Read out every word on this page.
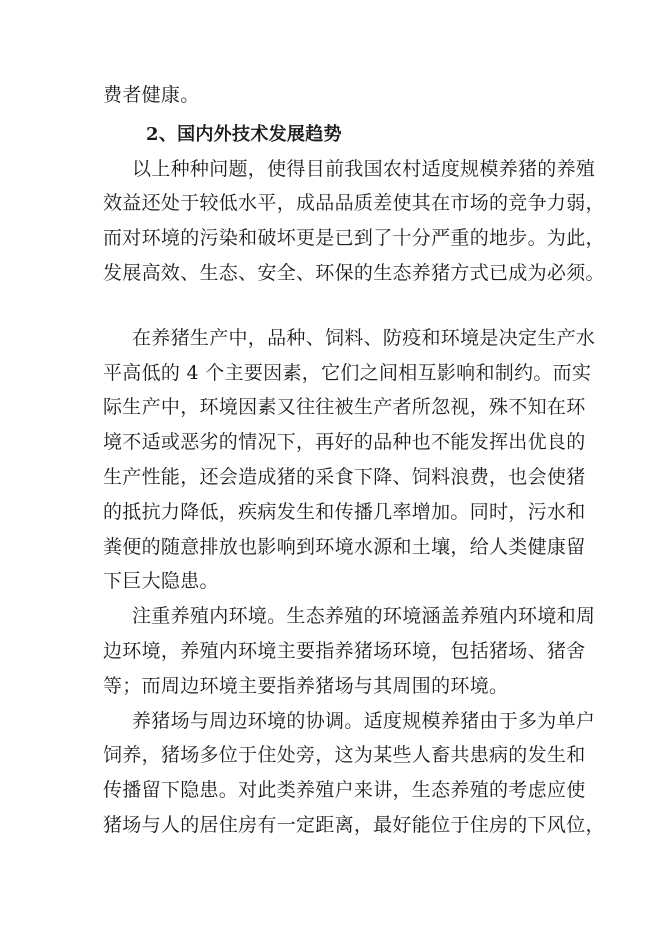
费者健康。
2、国内外技术发展趋势
以上种种问题，使得目前我国农村适度规模养猪的养殖
效益还处于较低水平，成品品质差使其在市场的竞争力弱，
而对环境的污染和破坏更是已到了十分严重的地步。为此，
发展高效、生态、安全、环保的生态养猪方式已成为必须。
在养猪生产中，品种、饲料、防疫和环境是决定生产水
平高低的 4 个主要因素，它们之间相互影响和制约。而实
际生产中，环境因素又往往被生产者所忽视，殊不知在环
境不适或恶劣的情况下，再好的品种也不能发挥出优良的
生产性能，还会造成猪的采食下降、饲料浪费，也会使猪
的抵抗力降低，疾病发生和传播几率增加。同时，污水和
粪便的随意排放也影响到环境水源和土壤，给人类健康留
下巨大隐患。
注重养殖内环境。生态养殖的环境涵盖养殖内环境和周
边环境，养殖内环境主要指养猪场环境，包括猪场、猪舍
等；而周边环境主要指养猪场与其周围的环境。
养猪场与周边环境的协调。适度规模养猪由于多为单户
饲养，猪场多位于住处旁，这为某些人畜共患病的发生和
传播留下隐患。对此类养殖户来讲，生态养殖的考虑应使
猪场与人的居住房有一定距离，最好能位于住房的下风位，
